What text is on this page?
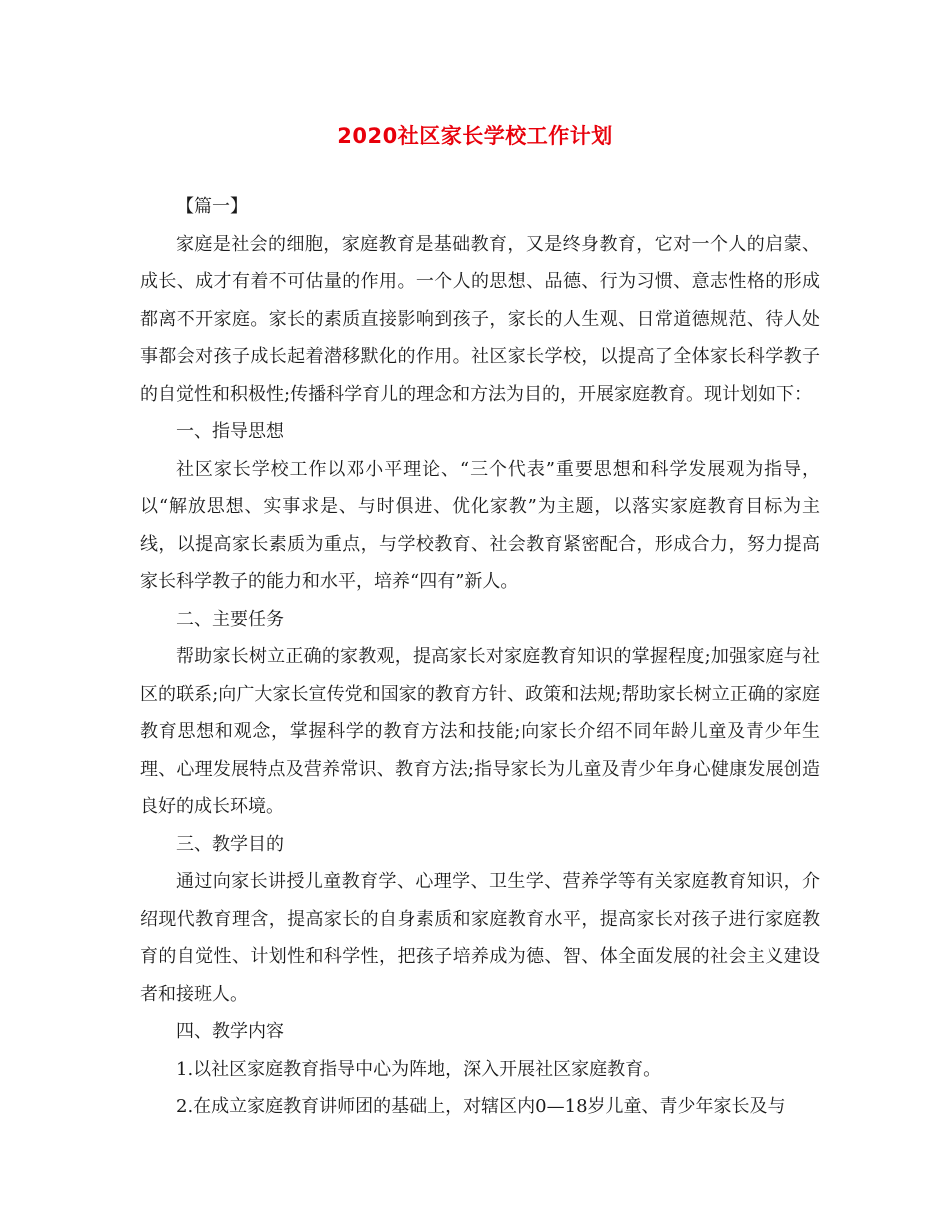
2020社区家长学校工作计划

【篇一】

家庭是社会的细胞，家庭教育是基础教育，又是终身教育，它对一个人的启蒙、成长、成才有着不可估量的作用。一个人的思想、品德、行为习惯、意志性格的形成都离不开家庭。家长的素质直接影响到孩子，家长的人生观、日常道德规范、待人处事都会对孩子成长起着潜移默化的作用。社区家长学校，以提高了全体家长科学教子的自觉性和积极性;传播科学育儿的理念和方法为目的，开展家庭教育。现计划如下：

一、指导思想

社区家长学校工作以邓小平理论、“三个代表”重要思想和科学发展观为指导，以“解放思想、实事求是、与时俱进、优化家教”为主题，以落实家庭教育目标为主线，以提高家长素质为重点，与学校教育、社会教育紧密配合，形成合力，努力提高家长科学教子的能力和水平，培养“四有”新人。

二、主要任务

帮助家长树立正确的家教观，提高家长对家庭教育知识的掌握程度;加强家庭与社区的联系;向广大家长宣传党和国家的教育方针、政策和法规;帮助家长树立正确的家庭教育思想和观念，掌握科学的教育方法和技能;向家长介绍不同年龄儿童及青少年生理、心理发展特点及营养常识、教育方法;指导家长为儿童及青少年身心健康发展创造良好的成长环境。

三、教学目的

通过向家长讲授儿童教育学、心理学、卫生学、营养学等有关家庭教育知识，介绍现代教育理含，提高家长的自身素质和家庭教育水平，提高家长对孩子进行家庭教育的自觉性、计划性和科学性，把孩子培养成为德、智、体全面发展的社会主义建设者和接班人。

四、教学内容

1.以社区家庭教育指导中心为阵地，深入开展社区家庭教育。

2.在成立家庭教育讲师团的基础上，对辖区内0—18岁儿童、青少年家长及与
